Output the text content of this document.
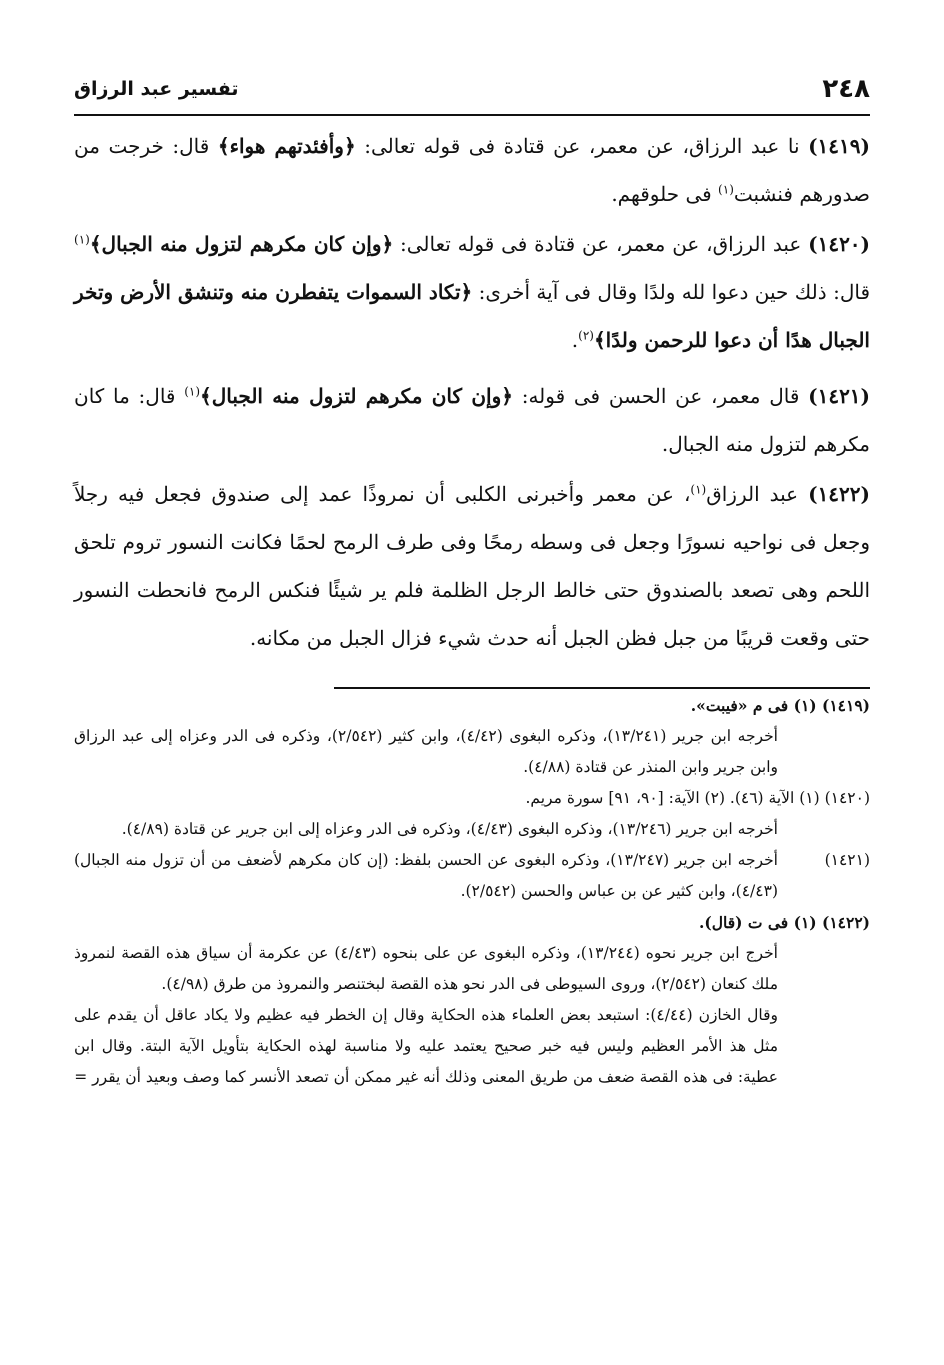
٢٤٨
تفسير عبد الرزاق

(١٤١٩) نا عبد الرزاق، عن معمر، عن قتادة فى قوله تعالى: ﴿وأفئدتهم هواء﴾ قال: خرجت من صدورهم فنشبت$^{(١)}$ فى حلوقهم.

(١٤٢٠) عبد الرزاق، عن معمر، عن قتادة فى قوله تعالى: ﴿وإن كان مكرهم لتزول منه الجبال﴾$^{(١)}$ قال: ذلك حين دعوا لله ولدًا وقال فى آية أخرى: ﴿تكاد السموات يتفطرن منه وتنشق الأرض وتخر الجبال هدًا أن دعوا للرحمن ولدًا﴾$^{(٢)}$.

(١٤٢١) قال معمر، عن الحسن فى قوله: ﴿وإن كان مكرهم لتزول منه الجبال﴾$^{(١)}$ قال: ما كان مكرهم لتزول منه الجبال.

(١٤٢٢) عبد الرزاق$^{(١)}$، عن معمر وأخبرنى الكلبى أن نمروذًا عمد إلى صندوق فجعل فيه رجلاً وجعل فى نواحيه نسورًا وجعل فى وسطه رمحًا وفى طرف الرمح لحمًا فكانت النسور تروم تلحق اللحم وهى تصعد بالصندوق حتى خالط الرجل الظلمة فلم ير شيئًا فنكس الرمح فانحطت النسور حتى وقعت قريبًا من جبل فظن الجبل أنه حدث شيء فزال الجبل من مكانه.

(١٤١٩) (١) فى م «فيبت».

أخرجه ابن جرير (١٣/٢٤١)، وذكره البغوى (٤/٤٢)، وابن كثير (٢/٥٤٢)، وذكره فى الدر وعزاه إلى عبد الرزاق وابن جرير وابن المنذر عن قتادة (٤/٨٨).

(١٤٢٠) (١) الآية (٤٦). (٢) الآية: [٩٠، ٩١] سورة مريم.

أخرجه ابن جرير (١٣/٢٤٦)، وذكره البغوى (٤/٤٣)، وذكره فى الدر وعزاه إلى ابن جرير عن قتادة (٤/٨٩).

(١٤٢١)
أخرجه ابن جرير (١٣/٢٤٧)، وذكره البغوى عن الحسن بلفظ: (إن كان مكرهم لأضعف من أن تزول منه الجبال) (٤/٤٣)، وابن كثير عن بن عباس والحسن (٢/٥٤٢).

(١٤٢٢) (١) فى ت (قال).

أخرج ابن جرير نحوه (١٣/٢٤٤)، وذكره البغوى عن على بنحوه (٤/٤٣) عن عكرمة أن سياق هذه القصة لنمروذ ملك كنعان (٢/٥٤٢)، وروى السيوطى فى الدر نحو هذه القصة لبختنصر والنمروذ من طرق (٤/٩٨).

وقال الخازن (٤/٤٤): استبعد بعض العلماء هذه الحكاية وقال إن الخطر فيه عظيم ولا يكاد عاقل أن يقدم على مثل هذ الأمر العظيم وليس فيه خبر صحيح يعتمد عليه ولا مناسبة لهذه الحكاية بتأويل الآية البتة. وقال ابن عطية: فى هذه القصة ضعف من طريق المعنى وذلك أنه غير ممكن أن تصعد الأنسر كما وصف وبعيد أن يقرر =
